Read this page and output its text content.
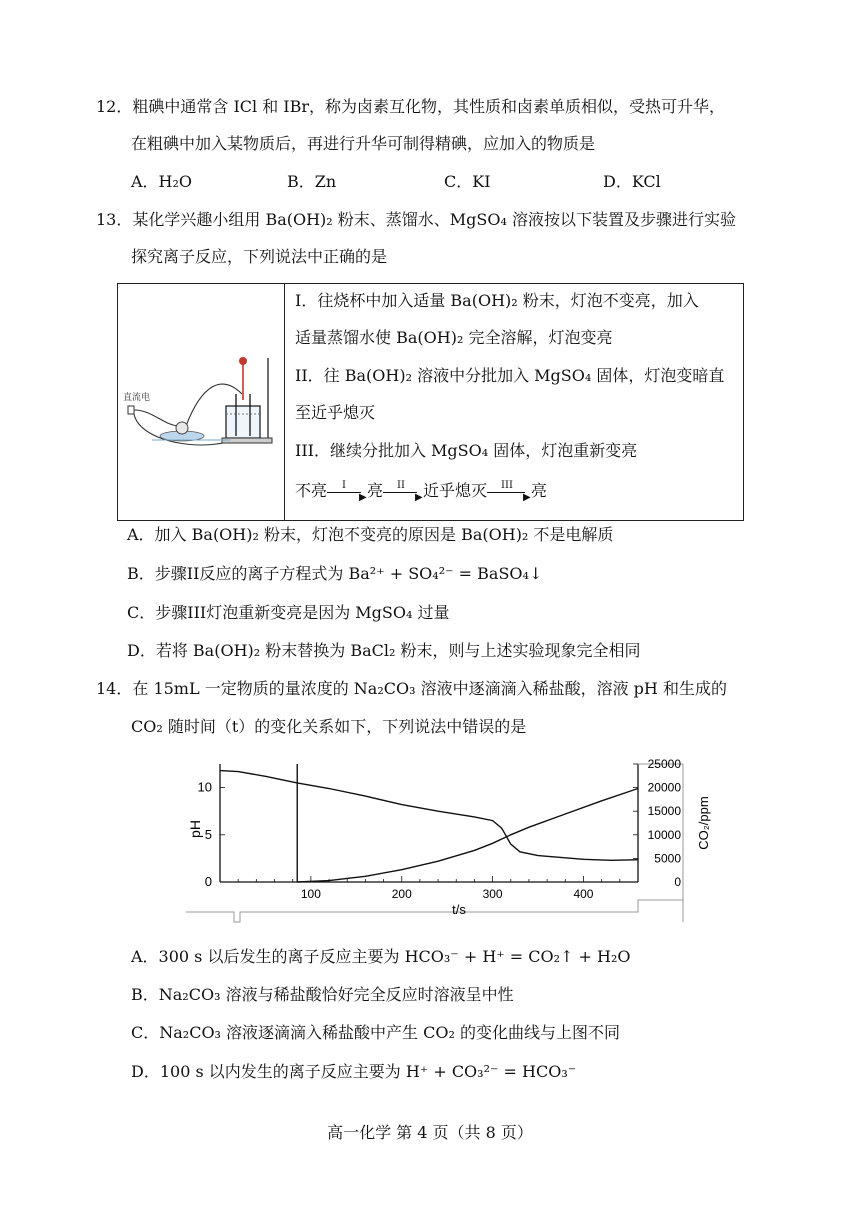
12．粗碘中通常含 ICl 和 IBr，称为卤素互化物，其性质和卤素单质相似，受热可升华，
在粗碘中加入某物质后，再进行升华可制得精碘，应加入的物质是
A．H₂O	B．Zn	C．KI	D．KCl
13．某化学兴趣小组用 Ba(OH)₂ 粉末、蒸馏水、MgSO₄ 溶液按以下装置及步骤进行实验
探究离子反应，下列说法中正确的是
直流电
I．往烧杯中加入适量 Ba(OH)₂ 粉末，灯泡不变亮，加入
适量蒸馏水使 Ba(OH)₂ 完全溶解，灯泡变亮
II．往 Ba(OH)₂ 溶液中分批加入 MgSO₄ 固体，灯泡变暗直
至近乎熄灭
III．继续分批加入 MgSO₄ 固体，灯泡重新变亮
不亮 I
▶ 亮 II
▶ 近乎熄灭 III
▶ 亮
A．加入 Ba(OH)₂ 粉末，灯泡不变亮的原因是 Ba(OH)₂ 不是电解质
B．步骤II反应的离子方程式为 Ba²⁺ + SO₄²⁻ = BaSO₄↓
C．步骤III灯泡重新变亮是因为 MgSO₄ 过量
D．若将 Ba(OH)₂ 粉末替换为 BaCl₂ 粉末，则与上述实验现象完全相同
14．在 15mL 一定物质的量浓度的 Na₂CO₃ 溶液中逐滴滴入稀盐酸，溶液 pH 和生成的
CO₂ 随时间（t）的变化关系如下，下列说法中错误的是
100	200	300	400
0
5
10
0
5000
10000
15000
20000
25000
t/s
pH	CO₂/ppm
A．300 s 以后发生的离子反应主要为 HCO₃⁻ + H⁺ = CO₂↑ + H₂O
B．Na₂CO₃ 溶液与稀盐酸恰好完全反应时溶液呈中性
C．Na₂CO₃ 溶液逐滴滴入稀盐酸中产生 CO₂ 的变化曲线与上图不同
D．100 s 以内发生的离子反应主要为 H⁺ + CO₃²⁻ = HCO₃⁻
高一化学 第 4 页（共 8 页）
